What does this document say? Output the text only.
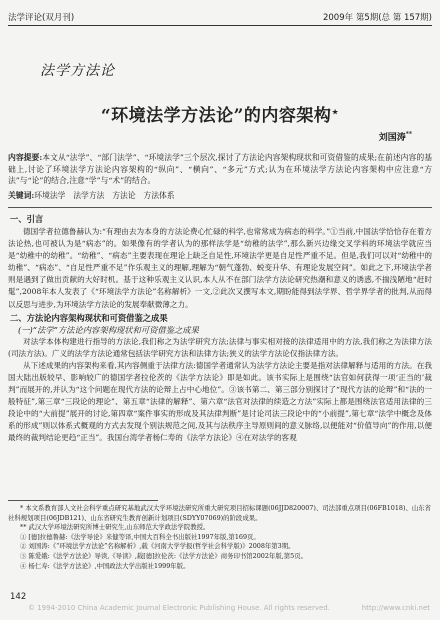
法学评论(双月刊)	2009年 第5期(总 第 157期)
法学方法论
“环境法学方法论”的内容架构★
刘国涛**

内容提要:本文从“法学”、“部门法学”、“环境法学”三个层次,探讨了方法论内容架构现状和可资借鉴的成果;在前述内容的基础上,讨论了环境法学方法论内容架构的“纵向”、“横向”、“多元”方式;认为在环境法学方法论内容架构中应注意“方法”与“论”的结合,注意“学”与“术”的结合。

关键词:环境法学　法学方法　方法论　方法体系

一、引言

德国学者拉德鲁赫认为:“有理由去为本身的方法论费心忙碌的科学,也常常成为病态的科学。”①当前,中国法学恰恰存在着方法论热,也可被认为是“病态”的。如果像有的学者认为的那样法学是“幼稚的法学”,那么新兴边缘交叉学科的环境法学就应当是“幼稚中的幼稚”。“幼稚”、“病态”主要表现在理论上缺乏自足性,环境法学更是自足性严重不足。但是,我们可以对“幼稚中的幼稚”、“病态”、“自足性严重不足”作乐观主义的理解,理解为“朝气蓬勃、蜕变升华、有理论发展空间”。如此之下,环境法学者则是遇到了做出贡献的大好时机。基于这种乐观主义认识,本人从不在部门法学方法论研究热潮和意义的诱惑,不揣浅陋地“赶时髦”,2008年本人发表了《“环境法学方法论”名称解析》一文,②此次又撰写本文,期盼能得到法学界、哲学界学者的批判,从而得以反思与进步,为环境法学方法论的发展奉献微薄之力。

二、方法论内容架构现状和可资借鉴之成果
(一)“法学”方法论内容架构现状和可资借鉴之成果

对法学本体构建进行指导的方法论,我们称之为法学研究方法;法律与事实相对接的法律适用中的方法,我们称之为法律方法(司法方法)。广义的法学方法论通常包括法学研究方法和法律方法;狭义的法学方法论仅指法律方法。

从下述成果的内容架构来看,其内容侧重于法律方法:德国学者通常认为法学方法论主要是指对法律解释与适用的方法。在我国大陆出版较早、影响较广的德国学者拉伦茨的《法学方法论》即是如此。该书实际上是围绕“法官如何获得一项‘正当的’裁判”而展开的,并认为“这个问题在现代方法的论辩上占中心地位”。③该书第二、第三部分别探讨了“现代方法的论辩”和“法的一般特征”,第三章“三段论的理论”、第五章“法律的解释”、第六章“法官对法律的续造之方法”实际上都是围绕法官适用法律的三段论中的“大前提”展开的讨论,第四章“案件事实的形成及其法律判断”是讨论司法三段论中的“小前提”,第七章“法学中概念及体系的形成”则以体系式概观的方式去发现个别法规范之间,及其与法秩序主导原则间的意义脉络,以便能对“价值导向”的作用,以便最终的裁判结论更趋“正当”。我国台湾学者杨仁寿的《法学方法论》④在对法学的客观

* 本文系教育部人文社会科学重点研究基地武汉大学环境法研究所重大研究项目招标课题(06JJD820007)、司法部重点项目(06FB1018)、山东省社科规划项目(06JDB121)、山东省研究生教育创新计划项目(SDYY07069)的阶段成果。

** 武汉大学环境法研究所博士研究生,山东师范大学政法学院教授。

① [德]拉德鲁赫:《法学导论》米健等译,中国大百科全书出版社1997年版,第169页。

② 刘国涛:《“环境法学方法论”名称解析》,载《河南大学学报(哲学社会科学版)》2008年第3期。

③ 陈爱娥:《法学方法论》导读,《导读》,载[德]拉伦茨:《法学方法论》商务印书馆2002年版,第5页。

④ 杨仁寿:《法学方法论》,中国政法大学出版社1999年版。

142
© 1994-2010 China Academic Journal Electronic Publishing House. All rights reserved.	http://www.cnki.net
